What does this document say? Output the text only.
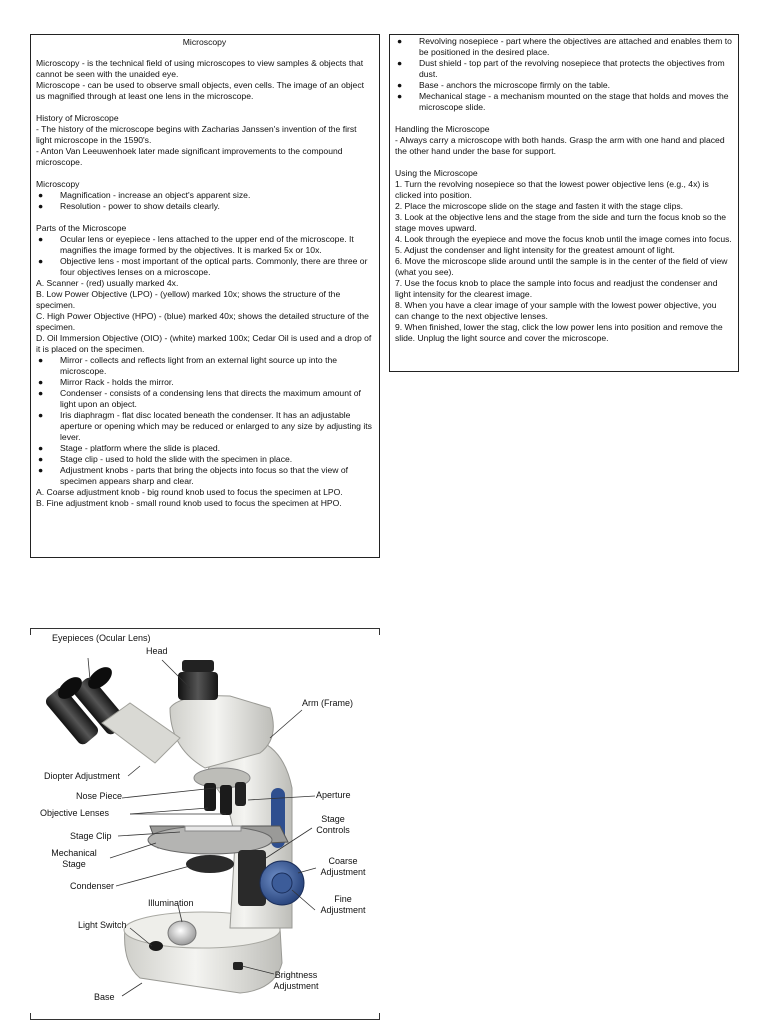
Microscopy

Microscopy - is the technical field of using microscopes to view samples & objects that cannot be seen with the unaided eye.

Microscope - can be used to observe small objects, even cells. The image of an object us magnified through at least one lens in the microscope.

History of Microscope

- The history of the microscope begins with Zacharias Janssen's invention of the first light microscope in the 1590's.

- Anton Van Leeuwenhoek later made significant improvements to the compound microscope.

Microscopy

●	Magnification - increase an object's apparent size.
●	Resolution - power to show details clearly.

Parts of the Microscope

●	Ocular lens or eyepiece - lens attached to the upper end of the microscope. It magnifies the image formed by the objectives. It is marked 5x or 10x.
●	Objective lens - most important of the optical parts. Commonly, there are three or four objectives lenses on a microscope.

A. Scanner - (red) usually marked 4x.

B. Low Power Objective (LPO) - (yellow) marked 10x; shows the structure of the specimen.

C. High Power Objective (HPO) - (blue) marked 40x; shows the detailed structure of the specimen.

D. Oil Immersion Objective (OIO) - (white) marked 100x; Cedar Oil is used and a drop of it is placed on the specimen.

●	Mirror - collects and reflects light from an external light source up into the microscope.
●	Mirror Rack - holds the mirror.
●	Condenser - consists of a condensing lens that directs the maximum amount of light upon an object.
●	Iris diaphragm - flat disc located beneath the condenser. It has an adjustable aperture or opening which may be reduced or enlarged to any size by adjusting its lever.
●	Stage - platform where the slide is placed.
●	Stage clip - used to hold the slide with the specimen in place.
●	Adjustment knobs - parts that bring the objects into focus so that the view of specimen appears sharp and clear.

A. Coarse adjustment knob - big round knob used to focus the specimen at LPO.

B. Fine adjustment knob - small round knob used to focus the specimen at HPO.

●	Revolving nosepiece - part where the objectives are attached and enables them to be positioned in the desired place.
●	Dust shield - top part of the revolving nosepiece that protects the objectives from dust.
●	Base - anchors the microscope firmly on the table.
●	Mechanical stage - a mechanism mounted on the stage that holds and moves the microscope slide.

Handling the Microscope

- Always carry a microscope with both hands. Grasp the arm with one hand and placed the other hand under the base for support.

Using the Microscope

1. Turn the revolving nosepiece so that the lowest power objective lens (e.g., 4x) is clicked into position.

2. Place the microscope slide on the stage and fasten it with the stage clips.

3. Look at the objective lens and the stage from the side and turn the focus knob so the stage moves upward.

4. Look through the eyepiece and move the focus knob until the image comes into focus.

5. Adjust the condenser and light intensity for the greatest amount of light.

6. Move the microscope slide around until the sample is in the center of the field of view (what you see).

7. Use the focus knob to place the sample into focus and readjust the condenser and light intensity for the clearest image.

8. When you have a clear image of your sample with the lowest power objective, you can change to the next objective lenses.

9. When finished, lower the stag, click the low power lens into position and remove the slide. Unplug the light source and cover the microscope.

Eyepieces (Ocular Lens)
Head
Arm (Frame)
Diopter Adjustment
Nose Piece
Objective Lenses
Aperture
Stage Clip
Stage Controls
Mechanical Stage	Coarse Adjustment
Condenser
Fine Adjustment
Illumination
Light Switch
Brightness Adjustment
Base
